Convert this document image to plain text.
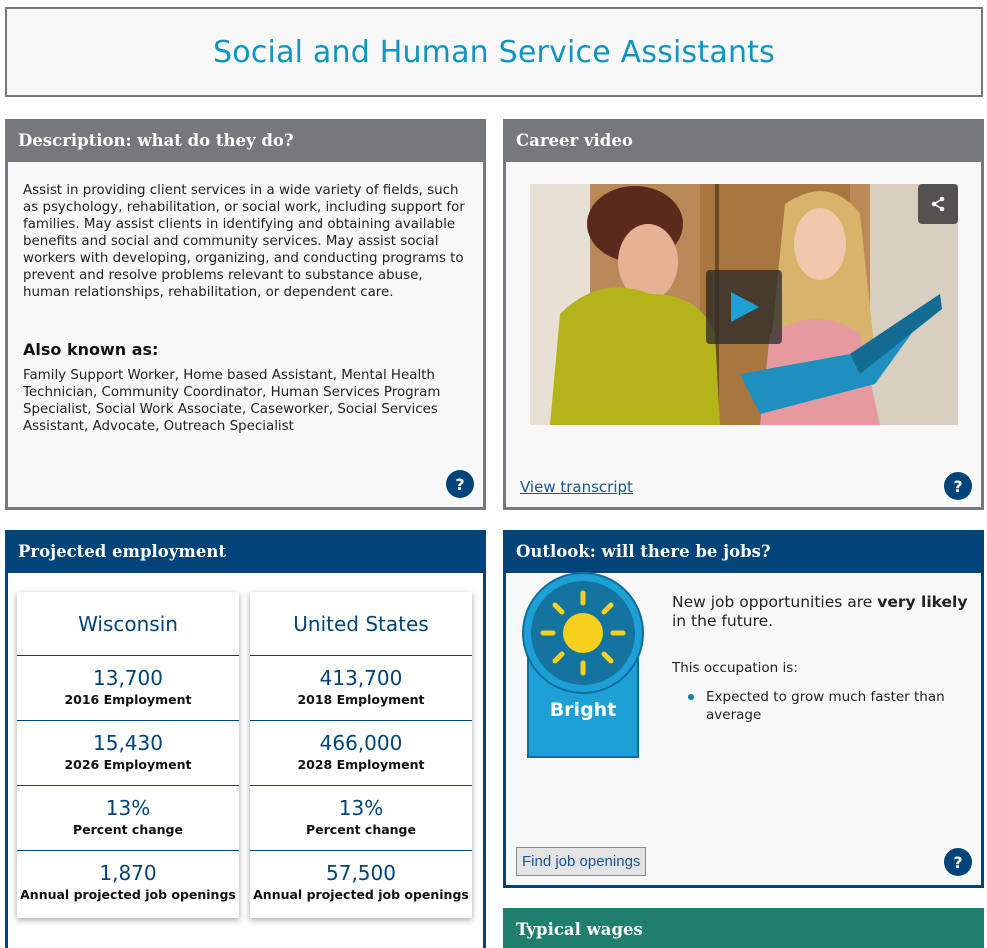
Social and Human Service Assistants
Description: what do they do?

Assist in providing client services in a wide variety of fields, such as psychology, rehabilitation, or social work, including support for families. May assist clients in identifying and obtaining available benefits and social and community services. May assist social workers with developing, organizing, and conducting programs to prevent and resolve problems relevant to substance abuse, human relationships, rehabilitation, or dependent care.

Also known as:

Family Support Worker, Home based Assistant, Mental Health Technician, Community Coordinator, Human Services Program Specialist, Social Work Associate, Caseworker, Social Services Assistant, Advocate, Outreach Specialist

?
Career video
View transcript	?
Projected employment
Wisconsin
13,700
2016 Employment
15,430
2026 Employment
13%
Percent change
1,870
Annual projected job openings
United States
413,700
2018 Employment
466,000
2028 Employment
13%
Percent change
57,500
Annual projected job openings
Outlook: will there be jobs?
Bright

New job opportunities are very likely in the future.

This occupation is:

Expected to grow much faster than average
Find job openings	?
Typical wages
